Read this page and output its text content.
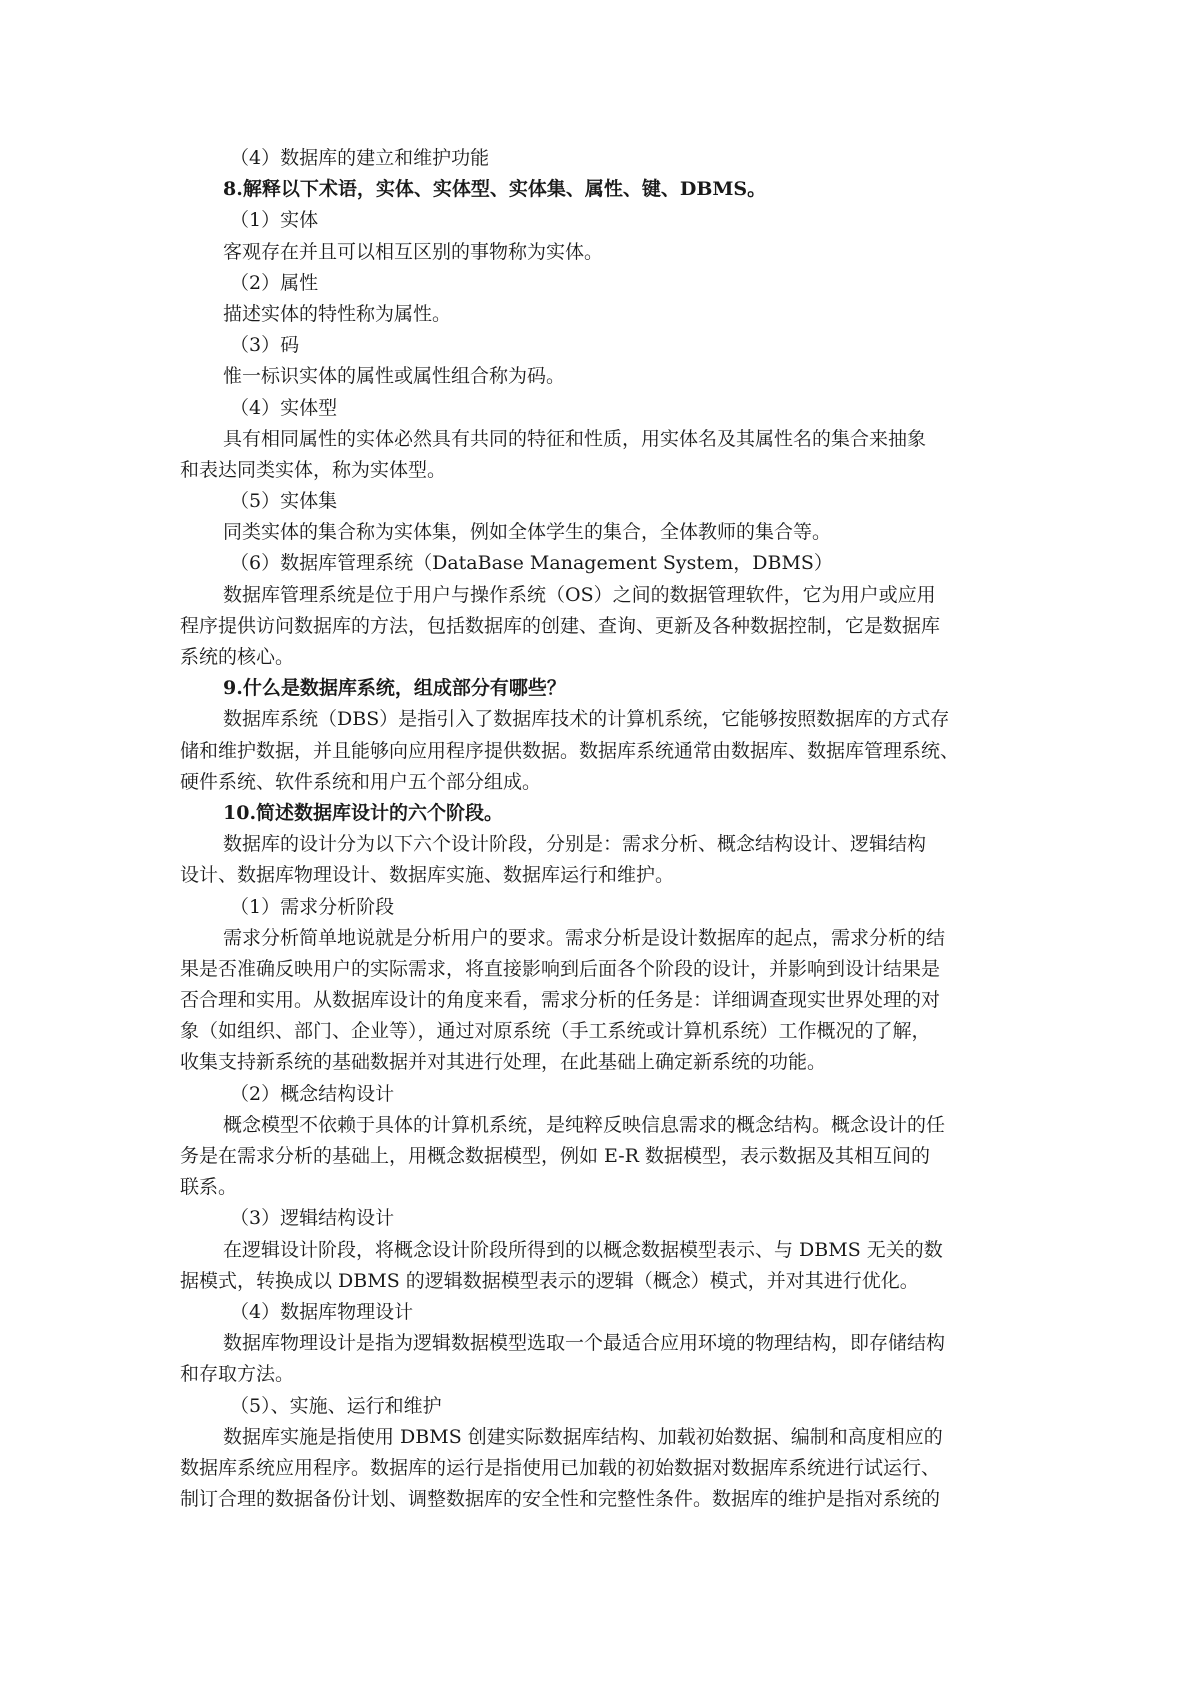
（4）数据库的建立和维护功能
8.解释以下术语，实体、实体型、实体集、属性、键、DBMS。
（1）实体
客观存在并且可以相互区别的事物称为实体。
（2）属性
描述实体的特性称为属性。
（3）码
惟一标识实体的属性或属性组合称为码。
（4）实体型
具有相同属性的实体必然具有共同的特征和性质，用实体名及其属性名的集合来抽象
和表达同类实体，称为实体型。
（5）实体集
同类实体的集合称为实体集，例如全体学生的集合，全体教师的集合等。
（6）数据库管理系统（DataBase Management System，DBMS）
数据库管理系统是位于用户与操作系统（OS）之间的数据管理软件，它为用户或应用
程序提供访问数据库的方法，包括数据库的创建、查询、更新及各种数据控制，它是数据库
系统的核心。
9.什么是数据库系统，组成部分有哪些？
数据库系统（DBS）是指引入了数据库技术的计算机系统，它能够按照数据库的方式存
储和维护数据，并且能够向应用程序提供数据。数据库系统通常由数据库、数据库管理系统、
硬件系统、软件系统和用户五个部分组成。
10.简述数据库设计的六个阶段。
数据库的设计分为以下六个设计阶段，分别是：需求分析、概念结构设计、逻辑结构
设计、数据库物理设计、数据库实施、数据库运行和维护。
（1）需求分析阶段
需求分析简单地说就是分析用户的要求。需求分析是设计数据库的起点，需求分析的结
果是否准确反映用户的实际需求，将直接影响到后面各个阶段的设计，并影响到设计结果是
否合理和实用。从数据库设计的角度来看，需求分析的任务是：详细调查现实世界处理的对
象（如组织、部门、企业等），通过对原系统（手工系统或计算机系统）工作概况的了解，
收集支持新系统的基础数据并对其进行处理，在此基础上确定新系统的功能。
（2）概念结构设计
概念模型不依赖于具体的计算机系统，是纯粹反映信息需求的概念结构。概念设计的任
务是在需求分析的基础上，用概念数据模型，例如 E-R 数据模型，表示数据及其相互间的
联系。
（3）逻辑结构设计
在逻辑设计阶段，将概念设计阶段所得到的以概念数据模型表示、与 DBMS 无关的数
据模式，转换成以 DBMS 的逻辑数据模型表示的逻辑（概念）模式，并对其进行优化。
（4）数据库物理设计
数据库物理设计是指为逻辑数据模型选取一个最适合应用环境的物理结构，即存储结构
和存取方法。
（5）、实施、运行和维护
数据库实施是指使用 DBMS 创建实际数据库结构、加载初始数据、编制和高度相应的
数据库系统应用程序。数据库的运行是指使用已加载的初始数据对数据库系统进行试运行、
制订合理的数据备份计划、调整数据库的安全性和完整性条件。数据库的维护是指对系统的
